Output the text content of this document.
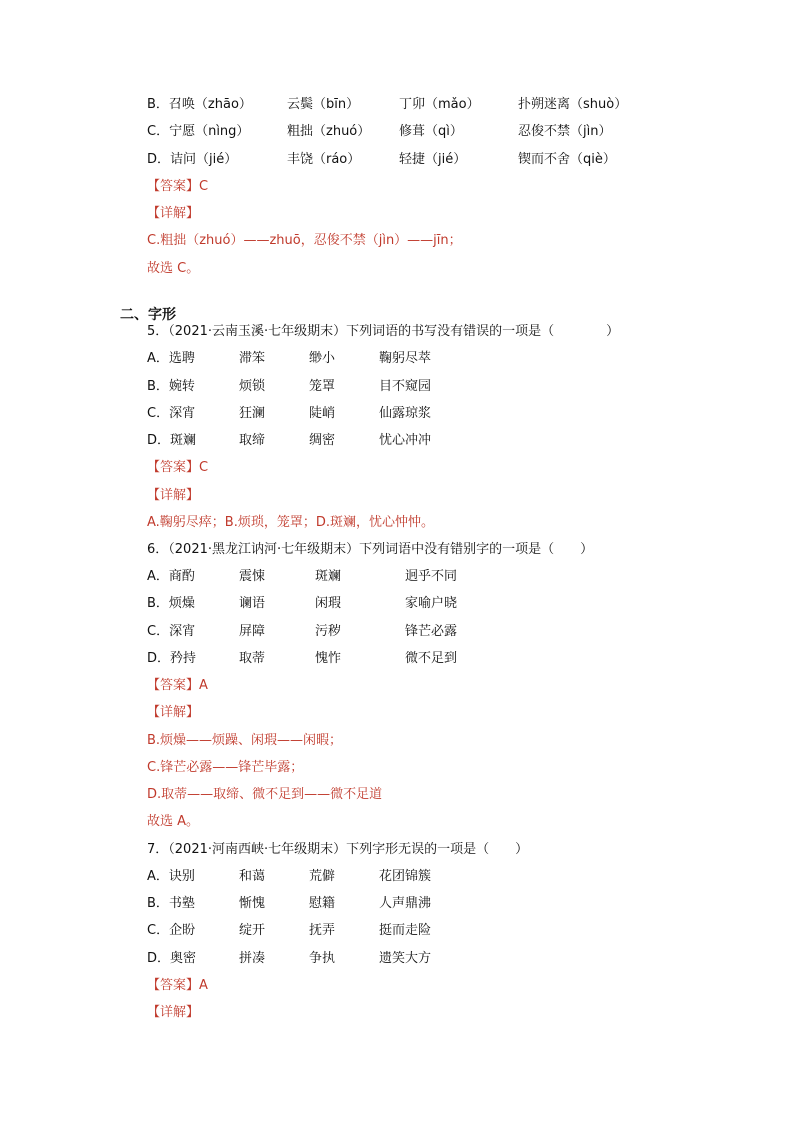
B．召唤（zhāo）	云鬓（bīn）	丁卯（mǎo）	扑朔迷离（shuò）
C．宁愿（nìng）	粗拙（zhuó） 修葺（qì）	忍俊不禁（jìn）
D．诘问（jié）	丰饶（ráo）	轻捷（jié）	锲而不舍（qiè）
【答案】C
【详解】
C.粗拙（zhuó）——zhuō，忍俊不禁（jìn）——jīn；
故选 C。
二、字形
5．（2021·云南玉溪·七年级期末）下列词语的书写没有错误的一项是（　　　　）
A．选聘	滞笨	缈小	鞠躬尽萃
B．婉转	烦锁	笼罩	目不窥园
C．深宵	狂澜	陡峭	仙露琼浆
D．斑斓	取缔	绸密	忧心冲冲
【答案】C
【详解】
A.鞠躬尽瘁；B.烦琐，笼罩；D.斑斓，忧心忡忡。
6．（2021·黑龙江讷河·七年级期末）下列词语中没有错别字的一项是（　　）
A．商酌	震悚	斑斓	迥乎不同
B．烦燥	谰语	闲瑕	家喻户晓
C．深宵	屏障	污秽	锋芒必露
D．矜持	取蒂	愧怍	微不足到
【答案】A
【详解】
B.烦燥——烦躁、闲瑕——闲暇；
C.锋芒必露——锋芒毕露；
D.取蒂——取缔、微不足到——微不足道
故选 A。
7．（2021·河南西峡·七年级期末）下列字形无误的一项是（　　）
A．诀别	和蔼	荒僻	花团锦簇
B．书塾	惭愧	慰籍	人声鼎沸
C．企盼	绽开	抚弄	挺而走险
D．奥密	拼凑	争执	遗笑大方
【答案】A
【详解】
